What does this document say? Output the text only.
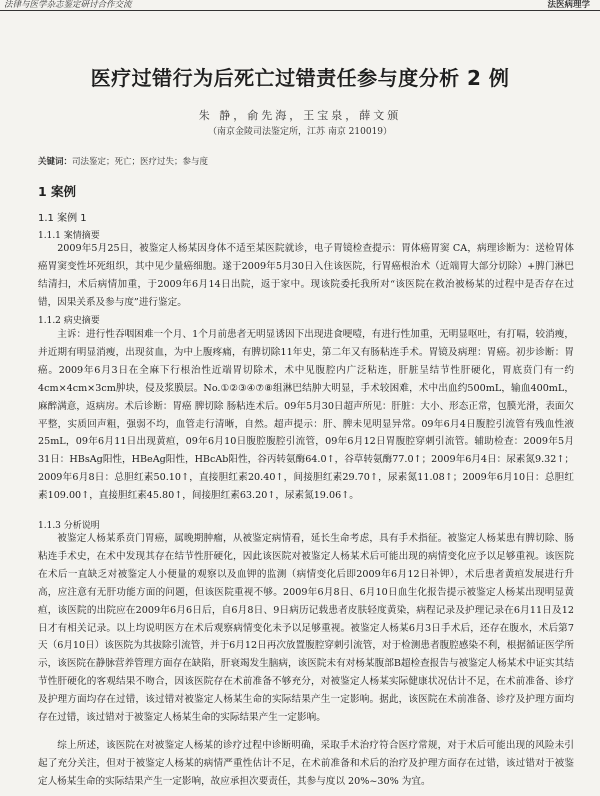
法律与医学杂志鉴定研讨合作交流	法医病理学
医疗过错行为后死亡过错责任参与度分析 2 例
朱 静，俞先海，王宝泉，薛文颁
（南京金陵司法鉴定所，江苏 南京 210019）
关键词：司法鉴定；死亡；医疗过失；参与度
1 案例
1.1 案例 1
1.1.1 案情摘要

2009年5月25日，被鉴定人杨某因身体不适至某医院就诊，电子胃镜检查提示：胃体癌胃窦 CA，病理诊断为：送检胃体癌胃窦变性坏死组织，其中见少量癌细胞。遂于2009年5月30日入住该医院，行胃癌根治术（近端胃大部分切除）+脾门淋巴结清扫，术后病情加重，于2009年6月14日出院，返于家中。现该院委托我所对“该医院在救治被杨某的过程中是否存在过错，因果关系及参与度”进行鉴定。

1.1.2 病史摘要

主诉：进行性吞咽困难一个月、1个月前患者无明显诱因下出现进食哽噎，有进行性加重，无明显呕吐，有打嗝，较消瘦，并近期有明显消瘦，出现贫血，为中上腹疼痛，有脾切除11年史，第二年又有肠粘连手术。胃镜及病理：胃癌。初步诊断：胃癌。2009年6月3日在全麻下行根治性近端胃切除术，术中见腹腔内广泛粘连，肝脏呈结节性肝硬化，胃底贲门有一约4cm×4cm×3cm肿块，侵及浆膜层。No.①②③④⑦⑧组淋巴结肿大明显，手术较困难，术中出血约500mL，输血400mL，麻醉满意，返病房。术后诊断：胃癌 脾切除 肠粘连术后。09年5月30日超声所见：肝脏：大小、形态正常，包膜光滑，表面欠平整，实质回声粗，强弱不均，血管走行清晰，自然。超声提示：肝、脾未见明显异常。09年6月4日腹腔引流管有残血性液25mL，09年6月11日出现黄疸，09年6月10日腹腔腹腔引流管，09年6月12日胃腹腔穿刺引流管。辅助检查：2009年5月31日：HBsAg阳性，HBeAg阳性，HBcAb阳性，谷丙转氨酶64.0↑，谷草转氨酶77.0↑；2009年6月4日：尿素氮9.32↑；2009年6月8日：总胆红素50.10↑，直接胆红素20.40↑，间接胆红素29.70↑，尿素氮11.08↑；2009年6月10日：总胆红素109.00↑，直接胆红素45.80↑，间接胆红素63.20↑，尿素氮19.06↑。

1.1.3 分析说明

被鉴定人杨某系贲门胃癌，属晚期肿瘤，从被鉴定病情看，延长生命考虑，具有手术指征。被鉴定人杨某患有脾切除、肠粘连手术史，在术中发现其存在结节性肝硬化，因此该医院对被鉴定人杨某术后可能出现的病情变化应予以足够重视。该医院在术后一直缺乏对被鉴定人小便量的观察以及血钾的监测（病情变化后即2009年6月12日补钾），术后患者黄疸发展进行升高，应注意有无肝功能方面的问题，但该医院重视不够。2009年6月8日、6月10日血生化报告提示被鉴定人杨某出现明显黄疸，该医院的出院应在2009年6月6日后，自6月8日、9日病历记载患者皮肤轻度黄染，病程记录及护理记录在6月11日及12日才有相关记录。以上均说明医方在术后观察病情变化未予以足够重视。被鉴定人杨某6月3日手术后，还存在腹水，术后第7天（6月10日）该医院为其拔除引流管，并于6月12日再次放置腹腔穿刺引流管，对于检测患者腹腔感染不利，根据循证医学所示，该医院在静脉营养管理方面存在缺陷，肝衰竭发生脑病，该医院未有对杨某腹部B超检查报告与被鉴定人杨某术中证实其结节性肝硬化的客观结果不吻合，因该医院存在术前准备不够充分，对被鉴定人杨某实际健康状况估计不足，在术前准备、诊疗及护理方面均存在过错，该过错对被鉴定人杨某生命的实际结果产生一定影响。据此，该医院在术前准备、诊疗及护理方面均存在过错，该过错对于被鉴定人杨某生命的实际结果产生一定影响。

综上所述，该医院在对被鉴定人杨某的诊疗过程中诊断明确，采取手术治疗符合医疗常规，对于术后可能出现的风险未引起了充分关注，但对于被鉴定人杨某的病情严重性估计不足，在术前准备和术后的治疗及护理方面存在过错，该过错对于被鉴定人杨某生命的实际结果产生一定影响，故应承担次要责任，其参与度以 20%~30% 为宜。
